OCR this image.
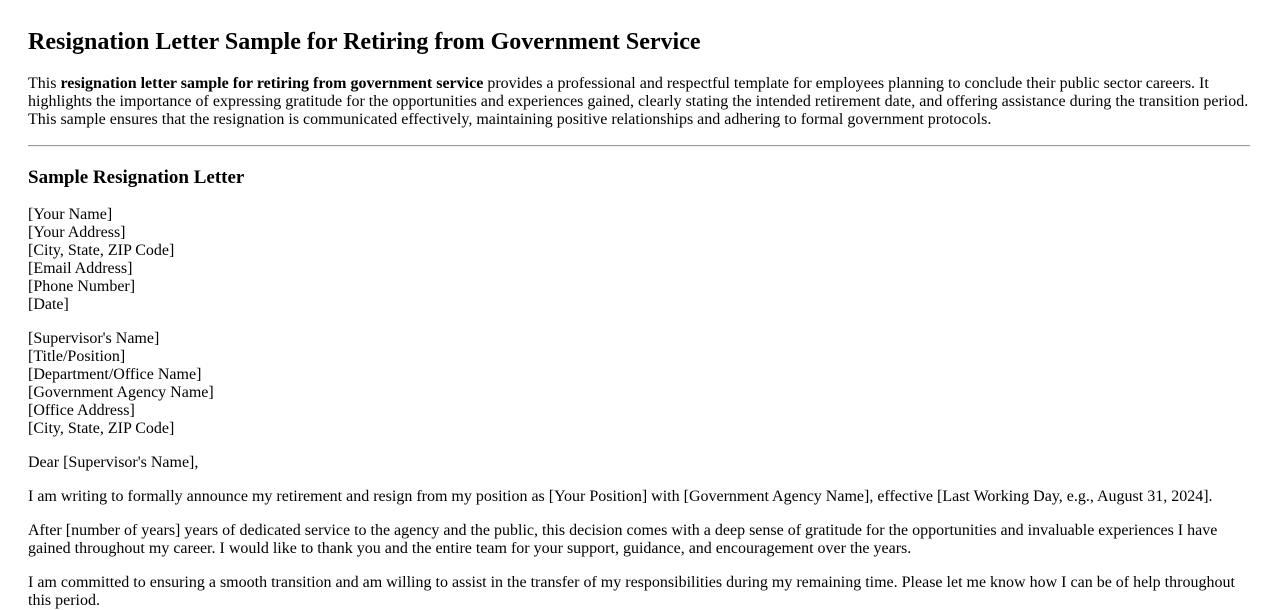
Resignation Letter Sample for Retiring from Government Service

This resignation letter sample for retiring from government service provides a professional and respectful template for employees planning to conclude their public sector careers. It highlights the importance of expressing gratitude for the opportunities and experiences gained, clearly stating the intended retirement date, and offering assistance during the transition period. This sample ensures that the resignation is communicated effectively, maintaining positive relationships and adhering to formal government protocols.

Sample Resignation Letter
[Your Name]
[Your Address]
[City, State, ZIP Code]
[Email Address]
[Phone Number]
[Date]
[Supervisor's Name]
[Title/Position]
[Department/Office Name]
[Government Agency Name]
[Office Address]
[City, State, ZIP Code]

Dear [Supervisor's Name],

I am writing to formally announce my retirement and resign from my position as [Your Position] with [Government Agency Name], effective [Last Working Day, e.g., August 31, 2024].

After [number of years] years of dedicated service to the agency and the public, this decision comes with a deep sense of gratitude for the opportunities and invaluable experiences I have gained throughout my career. I would like to thank you and the entire team for your support, guidance, and encouragement over the years.

I am committed to ensuring a smooth transition and am willing to assist in the transfer of my responsibilities during my remaining time. Please let me know how I can be of help throughout this period.
